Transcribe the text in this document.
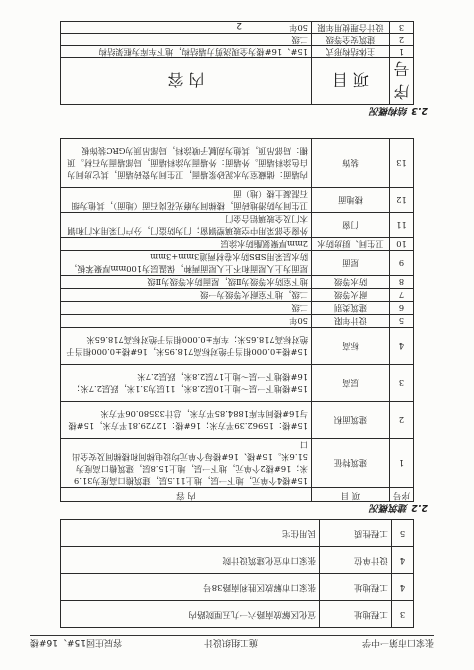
张家口市第一中学
施工组织设计
容辰庄园15#、16#楼
3	工程地址	宣化区解放南路六一九五厘院路内
4	工程地址	张家口市解放区胜利南路38号
4	设计单位	张家口市宣化建筑设计院
5	工程性质	民用住宅
2.2 建筑概况
序号	项 目	内 容
1	建筑特征	15#楼4个单元，地下一层，地上11.5层，建筑檐口高度为31.9米；16#楼2个单元，地下一层，地上15.8层，建筑檐口高度为51.6米。15#楼、16#楼每个单元均设电梯间和楼梯间及安全出口
2	建筑面积	15#楼：15962.39平方米；16#楼：12729.81平方米，15#楼与16#楼间车库1884.85平方米，总计33580.06平方米
3	层高	15#楼地下一层～地上10层2.8米，11层为3.1米，跃层2.7米；16#楼地下一层～地上17层2.8米，跃层2.7米
4	标高	15#楼±0.000相当于绝对标高718.95米，16#楼±0.000相当于绝对标高718.65米；车库±0.000相当于绝对标高718.65米
5	设计年限	50年
6	建筑类别	二级
7	耐火等级	二级，地下室耐火等级为一级
8	防水等级	地下室防水等级为Ⅱ级，屋面防水等级为Ⅱ级
9	屋面	屋面为上人屋面和不上人屋面两种，保温层为100mm厚聚苯板，防水层采用SBS防水卷材两道3mm+3mm
10	卫生间、厨房防水	2mm厚聚氨酯防水涂层
11	门窗	外窗全部采用中空玻璃塑钢窗；门为防盗门，分户门采用木门和钢木门及全玻璃铝合金门
12	楼地面	卫生间为防滑地砖面，楼梯间为磨光花岗石面（地面），其他为细石混凝土楼（地）面
13	装饰	内墙面：储藏室为水泥砂浆墙面，卫生间为瓷砖墙面，其它房间为白色涂料墙面。外墙面：外墙面为涂料墙面，局部墙面为石材。顶棚：局部吊顶，其他为刮腻子喷涂料，局部吊顶为GRC装饰板
2.3 结构概况
序号	项 目	内 容
1	主体结构形式	15#、16#楼为全现浇剪力墙结构，地下车库为框架结构
2	建筑安全等级	二级
3	设计合理使用年限	50年
2
